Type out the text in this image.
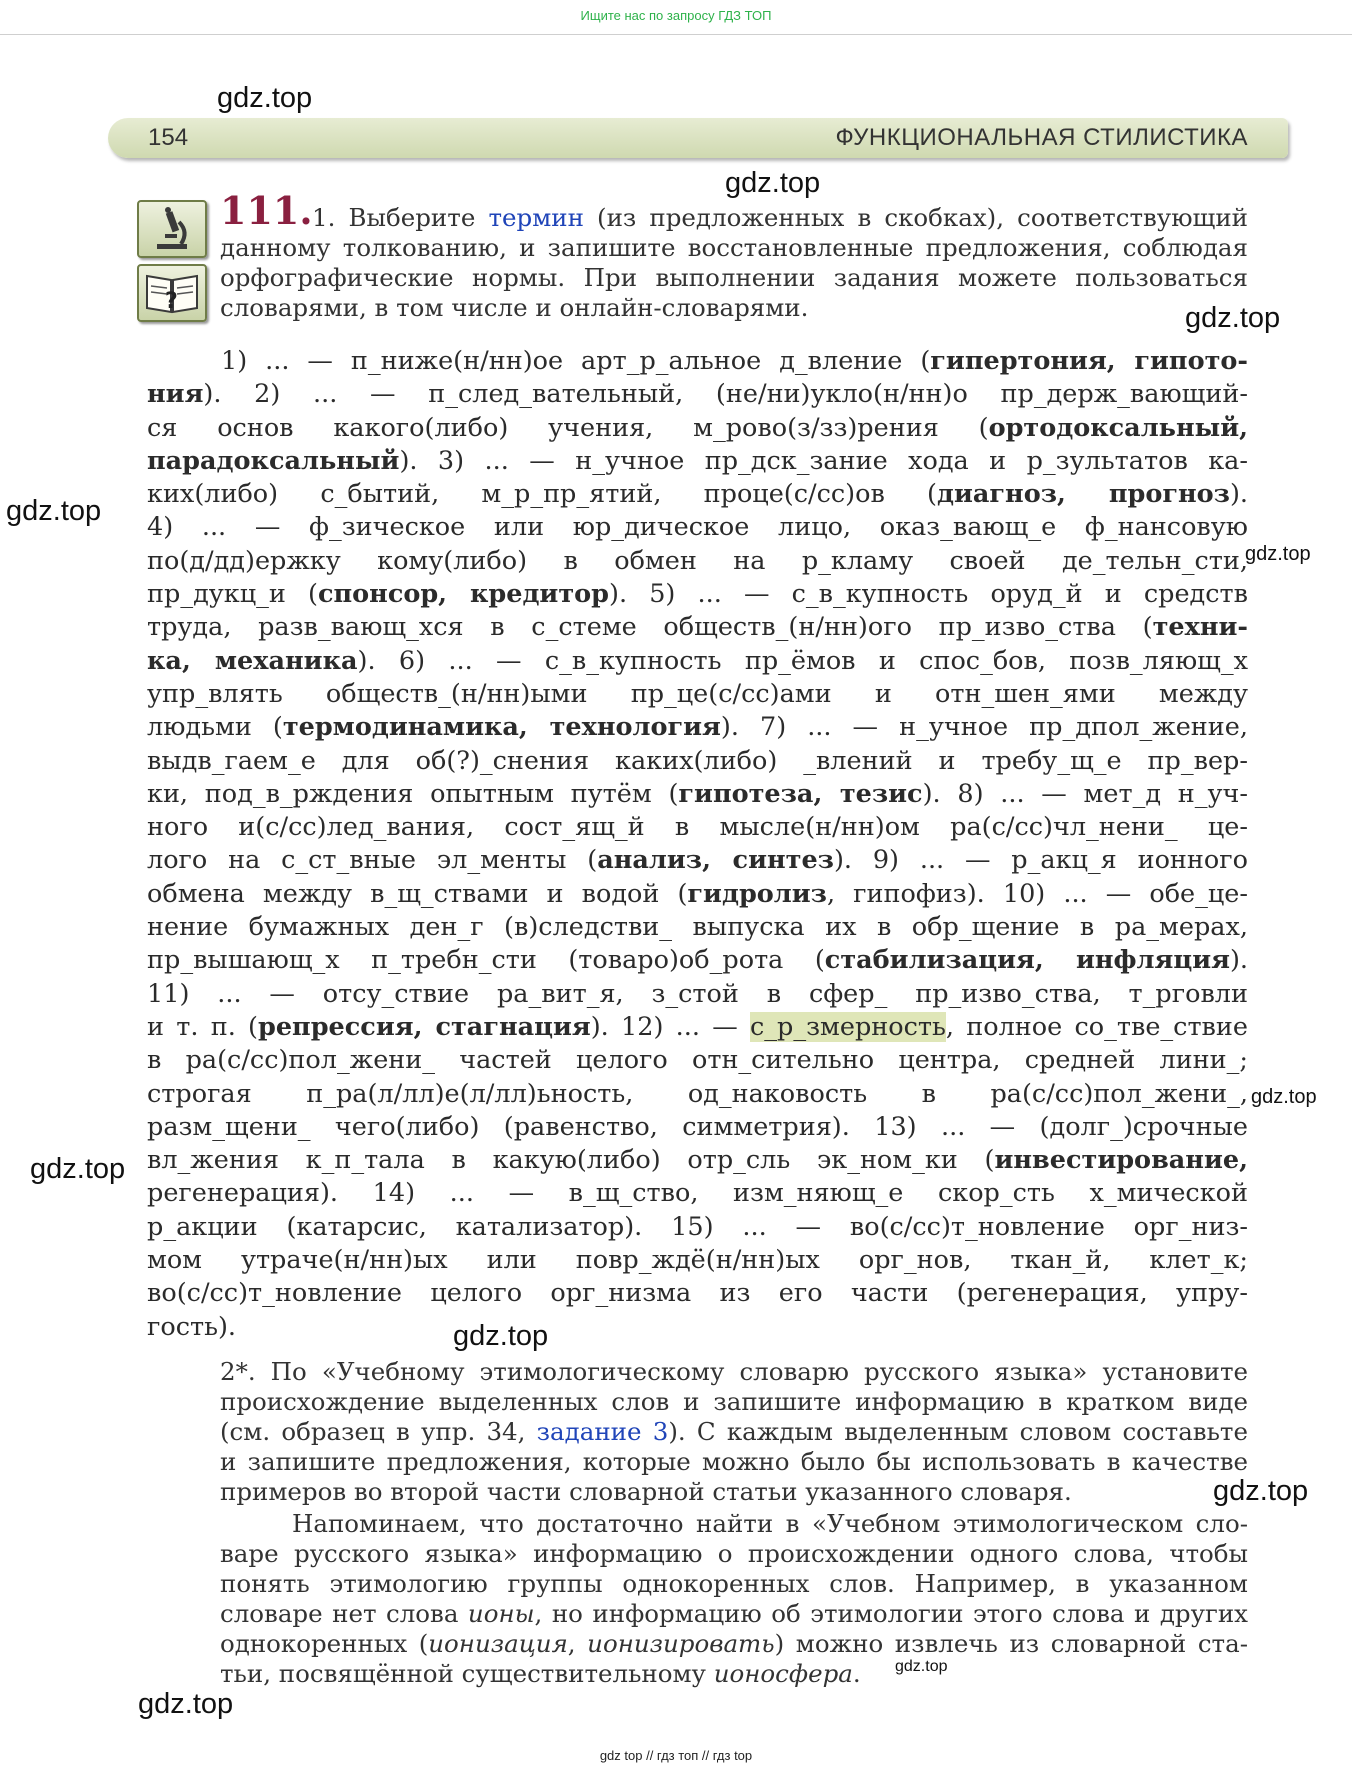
Ищите нас по запросу ГДЗ ТОП
gdz.top
gdz.top
gdz.top
gdz.top
gdz.top
gdz.top
gdz.top
gdz.top
gdz.top
gdz.top
gdz.top
154	ФУНКЦИОНАЛЬНАЯ СТИЛИСТИКА
?
111. 1. Выберите термин (из предложенных в скобках), соответствующий
данному толкованию, и запишите восстановленные предложения, соблюдая
орфографические нормы. При выполнении задания можете пользоваться
словарями, в том числе и онлайн-словарями.
1) ... — п_ниже(н/нн)ое арт_р_альное д_вление (гипертония, гипото-
ния). 2) ... — п_след_вательный, (не/ни)укло(н/нн)о пр_держ_вающий-
ся основ какого(либо) учения, м_рово(з/зз)рения (ортодоксальный,
парадоксальный). 3) ... — н_учное пр_дск_зание хода и р_зультатов ка-
ких(либо) с_бытий, м_р_пр_ятий, проце(с/сс)ов (диагноз, прогноз).
4) ... — ф_зическое или юр_дическое лицо, оказ_вающ_е ф_нансовую
по(д/дд)ержку кому(либо) в обмен на р_кламу своей де_тельн_сти,
пр_дукц_и (спонсор, кредитор). 5) ... — с_в_купность оруд_й и средств
труда, разв_вающ_хся в с_стеме обществ_(н/нн)ого пр_изво_ства (техни-
ка, механика). 6) ... — с_в_купность пр_ёмов и спос_бов, позв_ляющ_х
упр_влять обществ_(н/нн)ыми пр_це(с/сс)ами и отн_шен_ями между
людьми (термодинамика, технология). 7) ... — н_учное пр_дпол_жение,
выдв_гаем_е для об(?)_снения каких(либо) _влений и требу_щ_е пр_вер-
ки, под_в_рждения опытным путём (гипотеза, тезис). 8) ... — мет_д н_уч-
ного и(с/сс)лед_вания, сост_ящ_й в мысле(н/нн)ом ра(с/сс)чл_нени_ це-
лого на с_ст_вные эл_менты (анализ, синтез). 9) ... — р_акц_я ионного
обмена между в_щ_ствами и водой (гидролиз, гипофиз). 10) ... — обе_це-
нение бумажных ден_г (в)следстви_ выпуска их в обр_щение в ра_мерах,
пр_вышающ_х п_требн_сти (товаро)об_рота (стабилизация, инфляция).
11) ... — отсу_ствие ра_вит_я, з_стой в сфер_ пр_изво_ства, т_рговли
и т. п. (репрессия, стагнация). 12) ... — с_р_змерность, полное со_тве_ствие
в ра(с/сс)пол_жени_ частей целого отн_сительно центра, средней лини_;
строгая п_ра(л/лл)е(л/лл)ьность, од_наковость в ра(с/сс)пол_жени_,
разм_щени_ чего(либо) (равенство, симметрия). 13) ... — (долг_)срочные
вл_жения к_п_тала в какую(либо) отр_сль эк_ном_ки (инвестирование,
регенерация). 14) ... — в_щ_ство, изм_няющ_е скор_сть х_мической
р_акции (катарсис, катализатор). 15) ... — во(с/сс)т_новление орг_низ-
мом утраче(н/нн)ых или повр_ждё(н/нн)ых орг_нов, ткан_й, клет_к;
во(с/сс)т_новление целого орг_низма из его части (регенерация, упру-
гость).
2*. По «Учебному этимологическому словарю русского языка» установите
происхождение выделенных слов и запишите информацию в кратком виде
(см. образец в упр. 34, задание 3). С каждым выделенным словом составьте
и запишите предложения, которые можно было бы использовать в качестве
примеров во второй части словарной статьи указанного словаря.
Напоминаем, что достаточно найти в «Учебном этимологическом сло-
варе русского языка» информацию о происхождении одного слова, чтобы
понять этимологию группы однокоренных слов. Например, в указанном
словаре нет слова ионы, но информацию об этимологии этого слова и других
однокоренных (ионизация, ионизировать) можно извлечь из словарной ста-
тьи, посвящённой существительному ионосфера.
gdz top // гдз топ // гдз top
